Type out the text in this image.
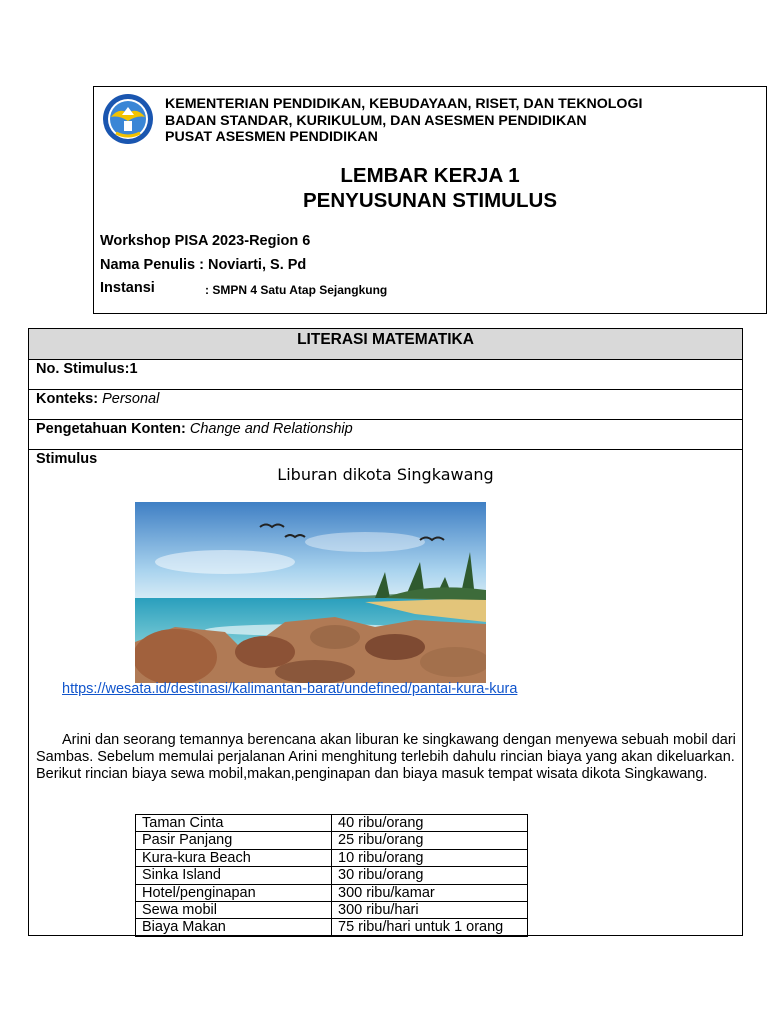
KEMENTERIAN PENDIDIKAN, KEBUDAYAAN, RISET, DAN TEKNOLOGI
BADAN STANDAR, KURIKULUM, DAN ASESMEN PENDIDIKAN
PUSAT ASESMEN PENDIDIKAN
LEMBAR KERJA 1
PENYUSUNAN STIMULUS
Workshop PISA 2023-Region 6
Nama Penulis : Noviarti, S. Pd
Instansi	: SMPN 4 Satu Atap Sejangkung
LITERASI MATEMATIKA
No. Stimulus:1
Konteks: Personal
Pengetahuan Konten: Change and Relationship
Stimulus
Liburan dikota Singkawang
https://wesata.id/destinasi/kalimantan-barat/undefined/pantai-kura-kura
Arini dan seorang temannya berencana akan liburan ke singkawang dengan menyewa sebuah mobil dari Sambas. Sebelum memulai perjalanan Arini menghitung terlebih dahulu rincian biaya yang akan dikeluarkan. Berikut rincian biaya sewa mobil,makan,penginapan dan biaya masuk tempat wisata dikota Singkawang.
Taman Cinta	40 ribu/orang
Pasir Panjang	25 ribu/orang
Kura-kura Beach	10 ribu/orang
Sinka Island	30 ribu/orang
Hotel/penginapan	300 ribu/kamar
Sewa mobil	300 ribu/hari
Biaya Makan	75 ribu/hari untuk 1 orang
